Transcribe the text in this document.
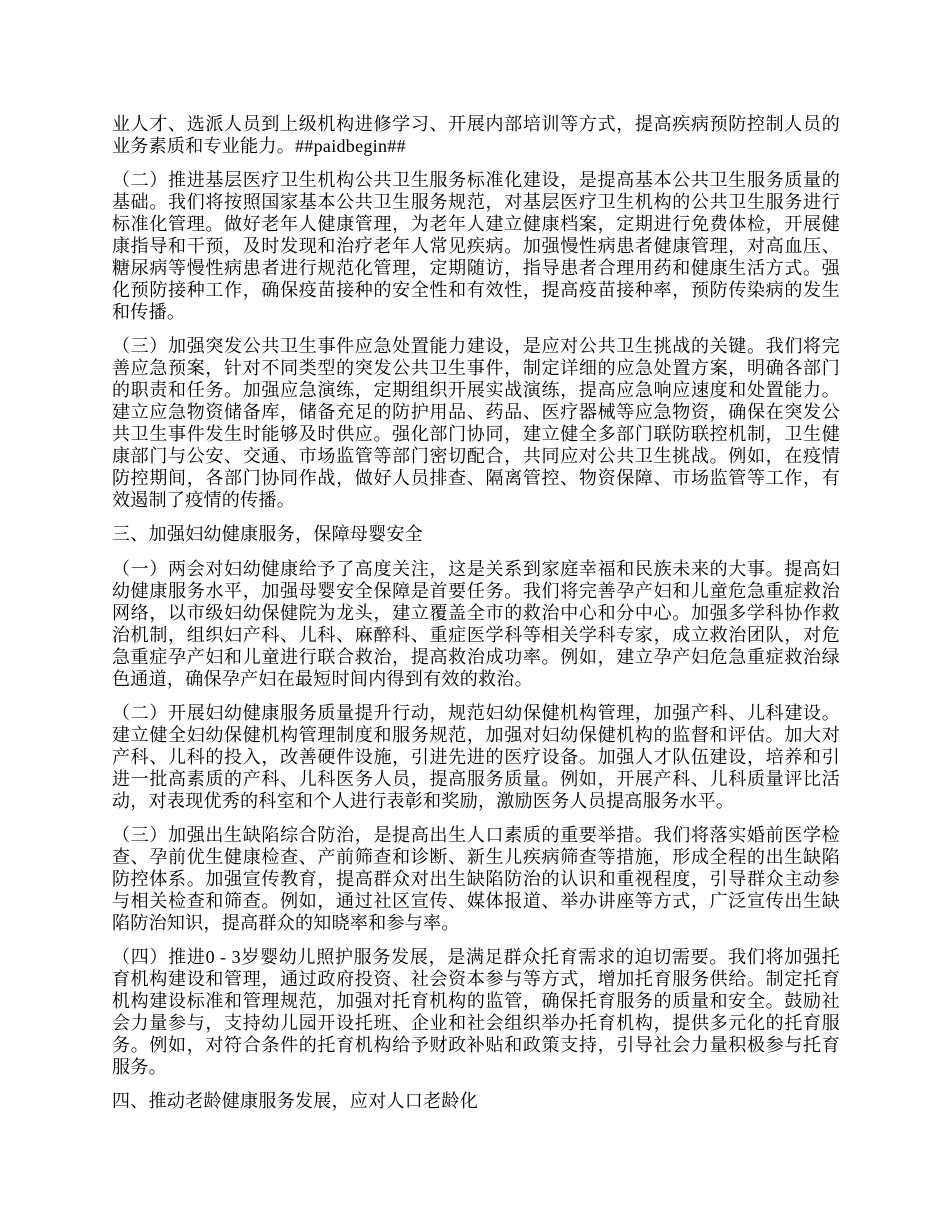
业人才、选派人员到上级机构进修学习、开展内部培训等方式，提高疾病预防控制人员的业务素质和专业能力。##paidbegin##

（二）推进基层医疗卫生机构公共卫生服务标准化建设，是提高基本公共卫生服务质量的基础。我们将按照国家基本公共卫生服务规范，对基层医疗卫生机构的公共卫生服务进行标准化管理。做好老年人健康管理，为老年人建立健康档案，定期进行免费体检，开展健康指导和干预，及时发现和治疗老年人常见疾病。加强慢性病患者健康管理，对高血压、糖尿病等慢性病患者进行规范化管理，定期随访，指导患者合理用药和健康生活方式。强化预防接种工作，确保疫苗接种的安全性和有效性，提高疫苗接种率，预防传染病的发生和传播。

（三）加强突发公共卫生事件应急处置能力建设，是应对公共卫生挑战的关键。我们将完善应急预案，针对不同类型的突发公共卫生事件，制定详细的应急处置方案，明确各部门的职责和任务。加强应急演练，定期组织开展实战演练，提高应急响应速度和处置能力。建立应急物资储备库，储备充足的防护用品、药品、医疗器械等应急物资，确保在突发公共卫生事件发生时能够及时供应。强化部门协同，建立健全多部门联防联控机制，卫生健康部门与公安、交通、市场监管等部门密切配合，共同应对公共卫生挑战。例如，在疫情防控期间，各部门协同作战，做好人员排查、隔离管控、物资保障、市场监管等工作，有效遏制了疫情的传播。

三、加强妇幼健康服务，保障母婴安全

（一）两会对妇幼健康给予了高度关注，这是关系到家庭幸福和民族未来的大事。提高妇幼健康服务水平，加强母婴安全保障是首要任务。我们将完善孕产妇和儿童危急重症救治网络，以市级妇幼保健院为龙头，建立覆盖全市的救治中心和分中心。加强多学科协作救治机制，组织妇产科、儿科、麻醉科、重症医学科等相关学科专家，成立救治团队，对危急重症孕产妇和儿童进行联合救治，提高救治成功率。例如，建立孕产妇危急重症救治绿色通道，确保孕产妇在最短时间内得到有效的救治。

（二）开展妇幼健康服务质量提升行动，规范妇幼保健机构管理，加强产科、儿科建设。建立健全妇幼保健机构管理制度和服务规范，加强对妇幼保健机构的监督和评估。加大对产科、儿科的投入，改善硬件设施，引进先进的医疗设备。加强人才队伍建设，培养和引进一批高素质的产科、儿科医务人员，提高服务质量。例如，开展产科、儿科质量评比活动，对表现优秀的科室和个人进行表彰和奖励，激励医务人员提高服务水平。

（三）加强出生缺陷综合防治，是提高出生人口素质的重要举措。我们将落实婚前医学检查、孕前优生健康检查、产前筛查和诊断、新生儿疾病筛查等措施，形成全程的出生缺陷防控体系。加强宣传教育，提高群众对出生缺陷防治的认识和重视程度，引导群众主动参与相关检查和筛查。例如，通过社区宣传、媒体报道、举办讲座等方式，广泛宣传出生缺陷防治知识，提高群众的知晓率和参与率。

（四）推进0 - 3岁婴幼儿照护服务发展，是满足群众托育需求的迫切需要。我们将加强托育机构建设和管理，通过政府投资、社会资本参与等方式，增加托育服务供给。制定托育机构建设标准和管理规范，加强对托育机构的监管，确保托育服务的质量和安全。鼓励社会力量参与，支持幼儿园开设托班、企业和社会组织举办托育机构，提供多元化的托育服务。例如，对符合条件的托育机构给予财政补贴和政策支持，引导社会力量积极参与托育服务。

四、推动老龄健康服务发展，应对人口老龄化
